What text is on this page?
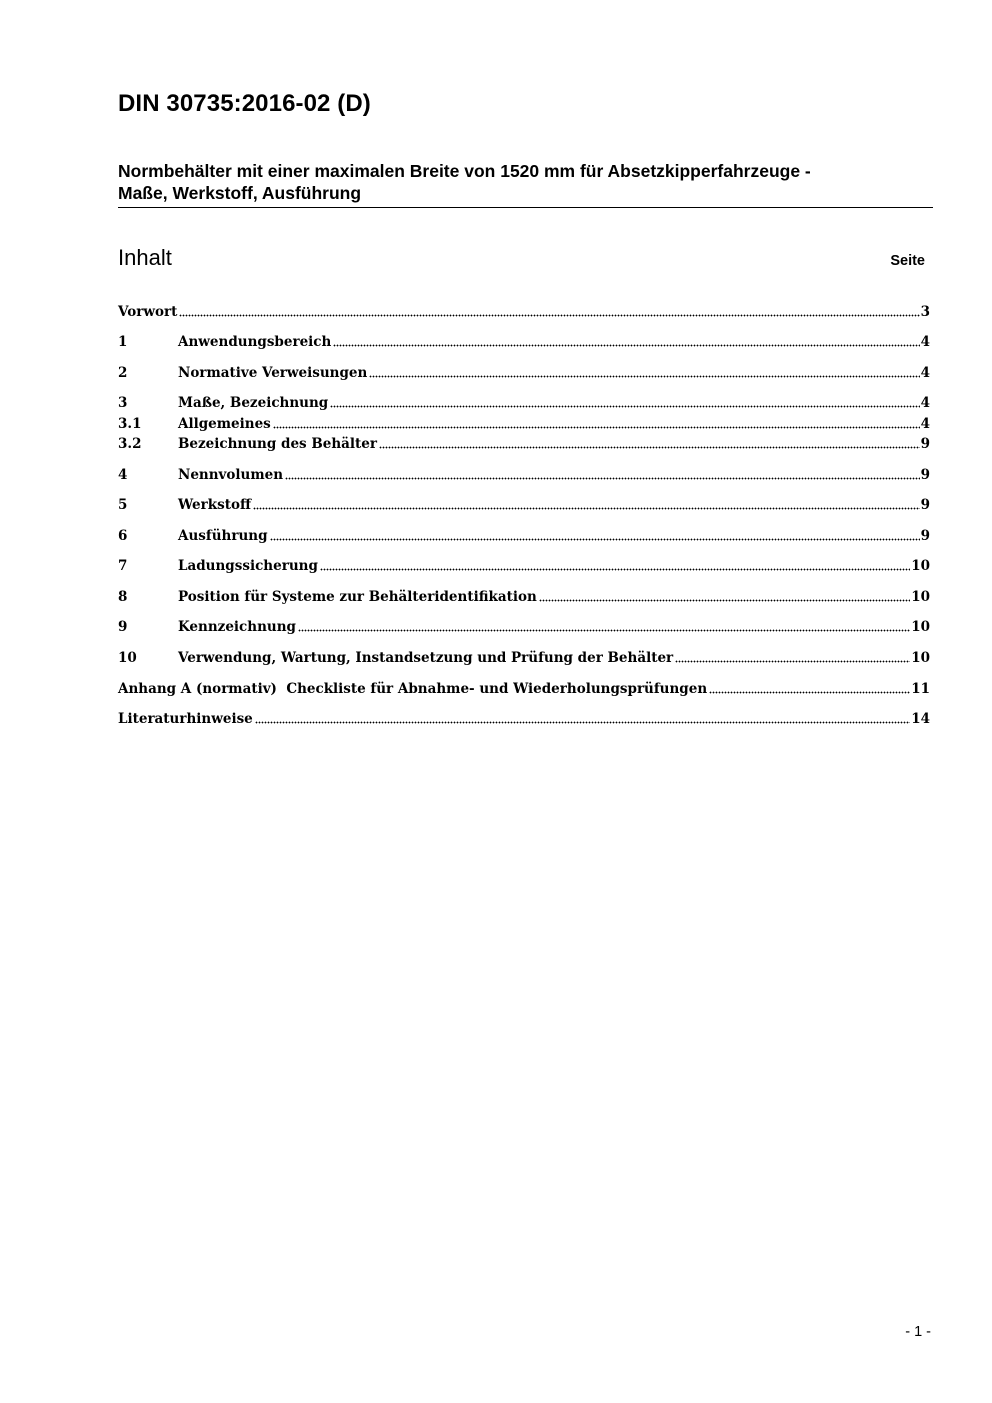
DIN 30735:2016-02 (D)
Normbehälter mit einer maximalen Breite von 1520 mm für Absetzkipperfahrzeuge -
Maße, Werkstoff, Ausführung
Inhalt	Seite
Vorwort	3
1	Anwendungsbereich	4
2	Normative Verweisungen	4
3	Maße, Bezeichnung	4
3.1	Allgemeines	4
3.2	Bezeichnung des Behälter	9
4	Nennvolumen	9
5	Werkstoff	9
6	Ausführung	9
7	Ladungssicherung	10
8	Position für Systeme zur Behälteridentifikation	10
9	Kennzeichnung	10
10	Verwendung, Wartung, Instandsetzung und Prüfung der Behälter	10
Anhang A (normativ)  Checkliste für Abnahme- und Wiederholungsprüfungen	11
Literaturhinweise	14
- 1 -
